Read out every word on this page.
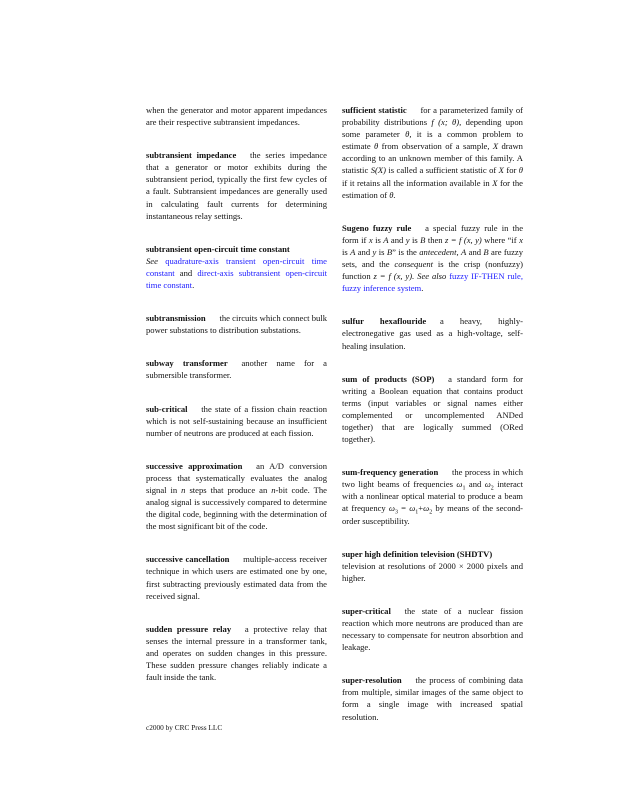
when the generator and motor apparent impedances are their respective subtransient impedances.

subtransient impedance the series impedance that a generator or motor exhibits during the subtransient period, typically the first few cycles of a fault. Subtransient impedances are generally used in calculating fault currents for determining instantaneous relay settings.

subtransient open-circuit time constant
See quadrature-axis transient open-circuit time constant and direct-axis subtransient open-circuit time constant.

subtransmission the circuits which connect bulk power substations to distribution substations.

subway transformer another name for a submersible transformer.

sub-critical the state of a fission chain reaction which is not self-sustaining because an insufficient number of neutrons are produced at each fission.

successive approximation an A/D conversion process that systematically evaluates the analog signal in n steps that produce an n-bit code. The analog signal is successively compared to determine the digital code, beginning with the determination of the most significant bit of the code.

successive cancellation multiple-access receiver technique in which users are estimated one by one, first subtracting previously estimated data from the received signal.

sudden pressure relay a protective relay that senses the internal pressure in a transformer tank, and operates on sudden changes in this pressure. These sudden pressure changes reliably indicate a fault inside the tank.

sufficient statistic for a parameterized family of probability distributions f (x; θ), depending upon some parameter θ, it is a common problem to estimate θ from observation of a sample, X drawn according to an unknown member of this family. A statistic S(X) is called a sufficient statistic of X for θ if it retains all the information available in X for the estimation of θ.

Sugeno fuzzy rule a special fuzzy rule in the form if x is A and y is B then z = f (x, y) where “if x is A and y is B” is the antecedent, A and B are fuzzy sets, and the consequent is the crisp (nonfuzzy) function z = f (x, y). See also fuzzy IF-THEN rule, fuzzy inference system.

sulfur hexaflouride a heavy, highly-electronegative gas used as a high-voltage, self-healing insulation.

sum of products (SOP) a standard form for writing a Boolean equation that contains product terms (input variables or signal names either complemented or uncomplemented ANDed together) that are logically summed (ORed together).

sum-frequency generation the process in which two light beams of frequencies $\omega_1$ and $\omega_2$ interact with a nonlinear optical material to produce a beam at frequency $\omega_3 = \omega_1+\omega_2$ by means of the second-order susceptibility.

super high definition television (SHDTV)
television at resolutions of 2000 × 2000 pixels and higher.

super-critical the state of a nuclear fission reaction which more neutrons are produced than are necessary to compensate for neutron absorbtion and leakage.

super-resolution the process of combining data from multiple, similar images of the same object to form a single image with increased spatial resolution.

c2000 by CRC Press LLC
